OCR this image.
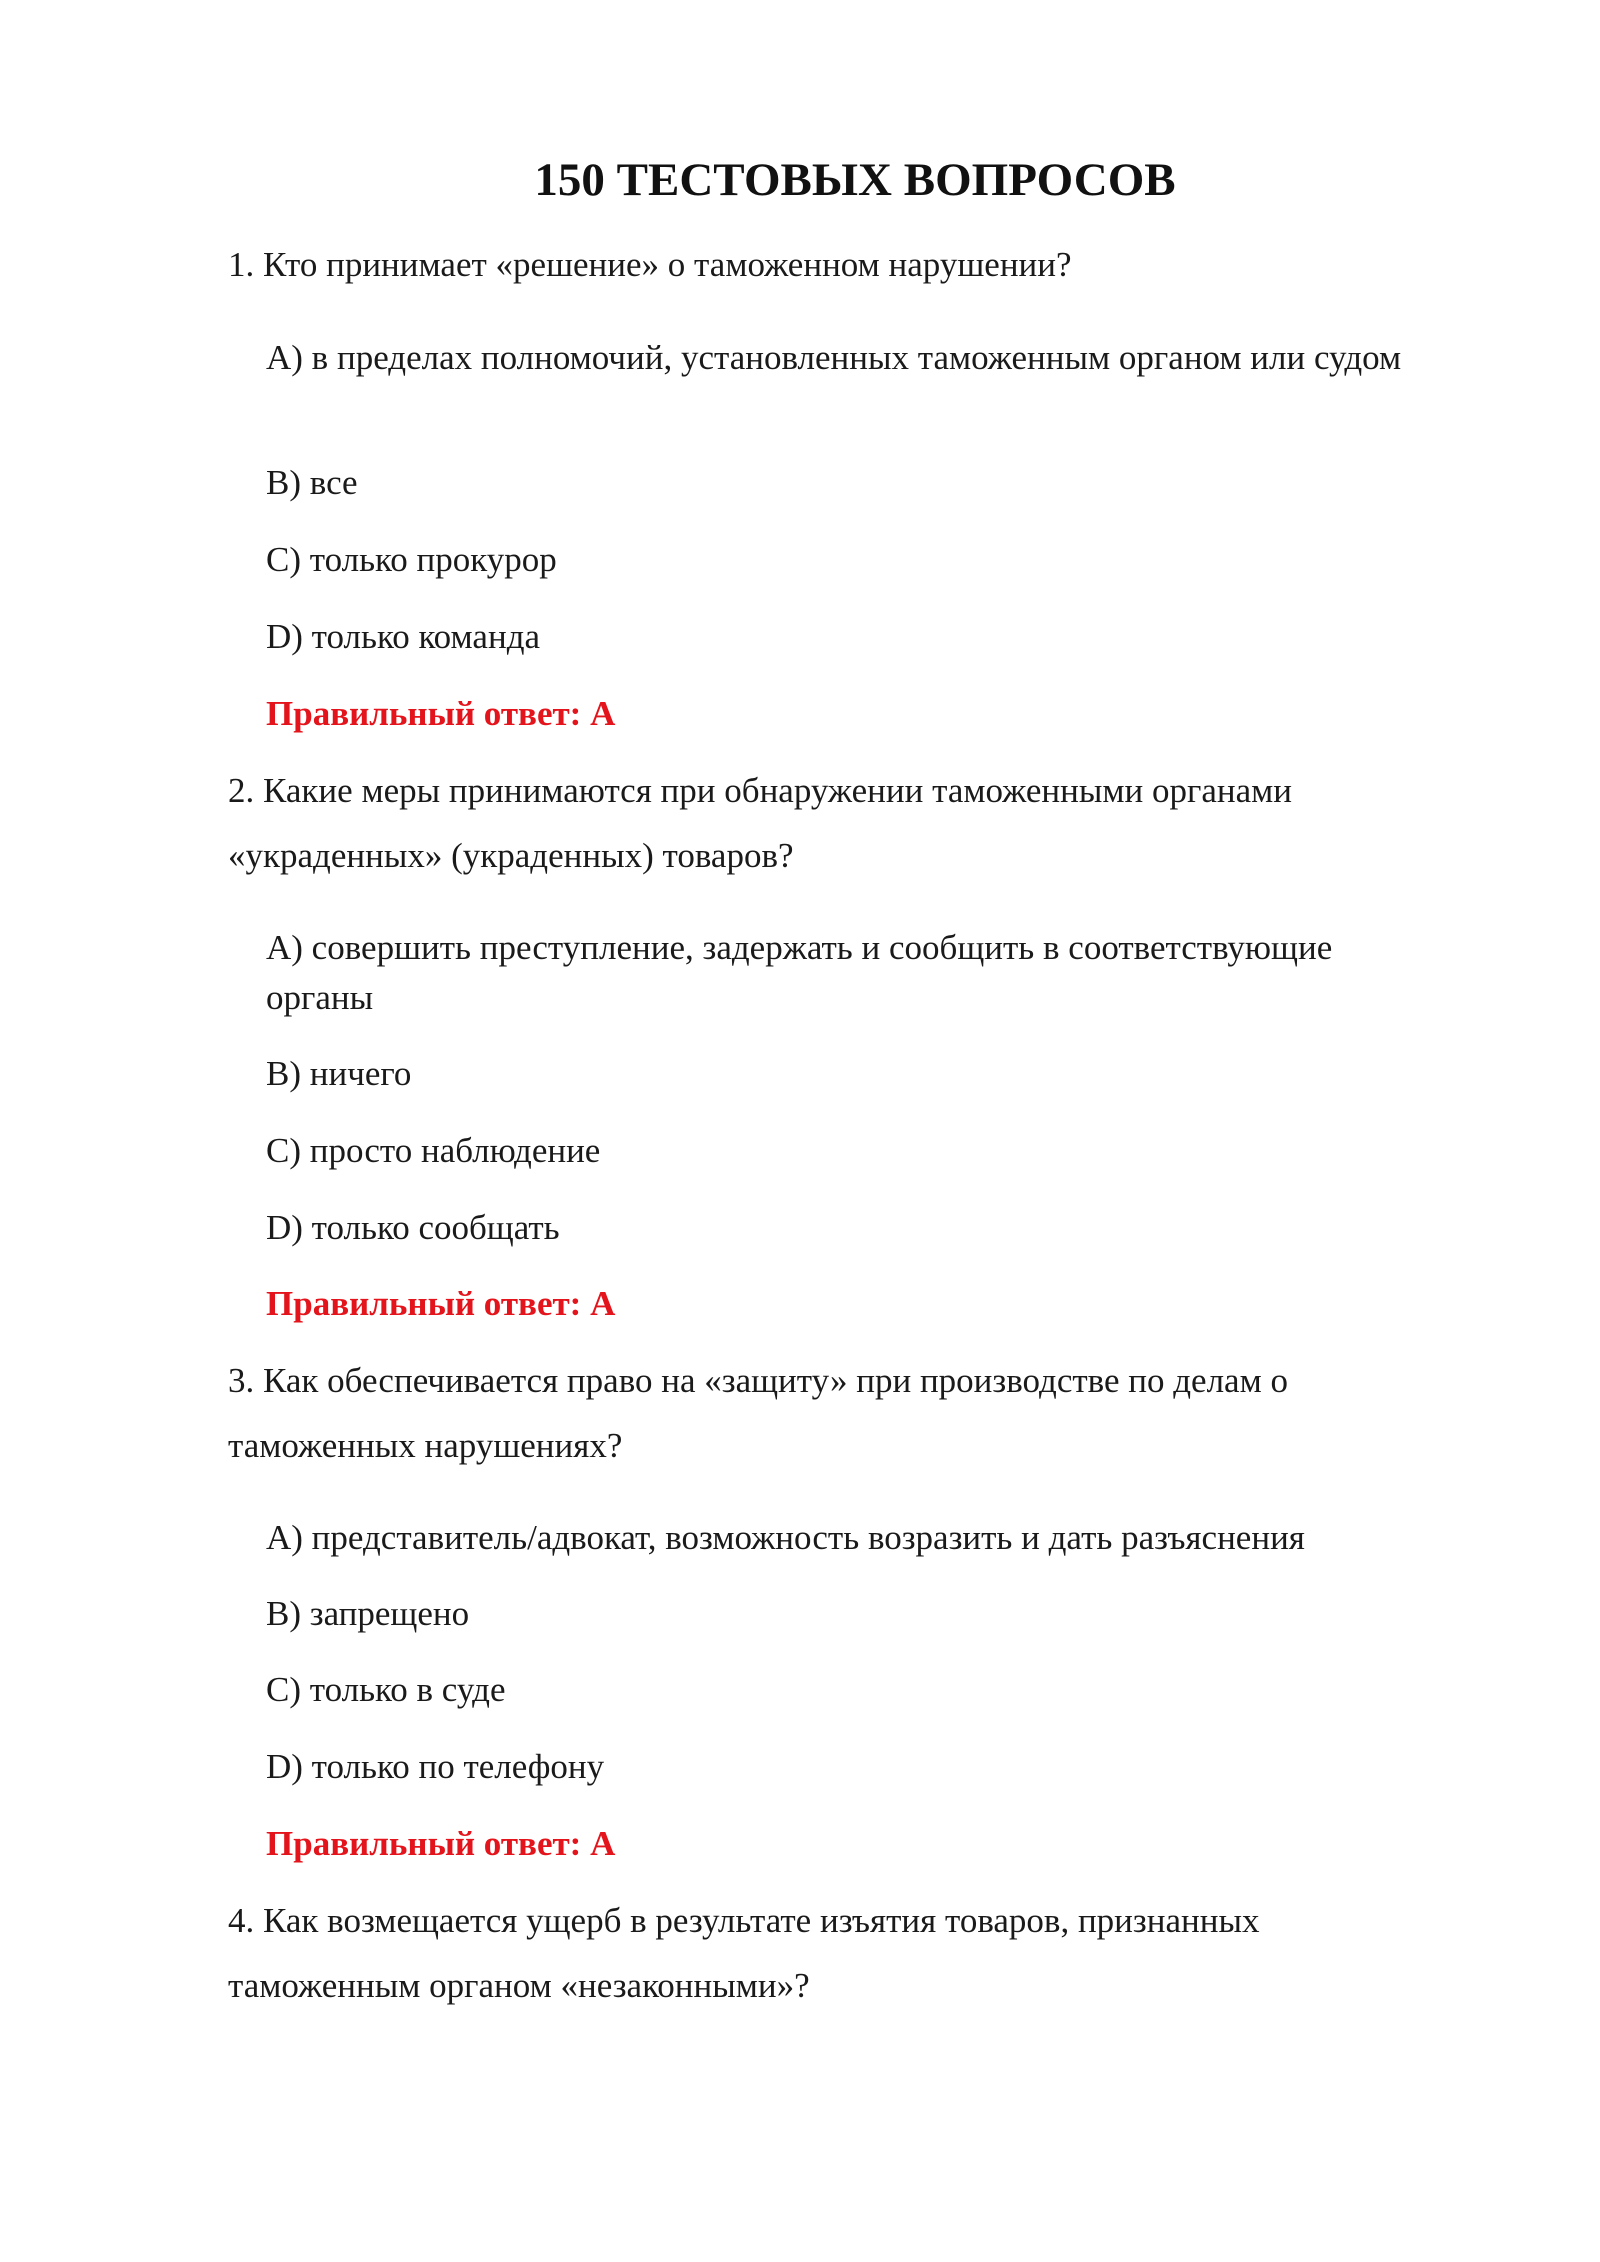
150 ТЕСТОВЫХ ВОПРОСОВ
1. Кто принимает «решение» о таможенном нарушении?
A) в пределах полномочий, установленных таможенным органом или судом
B) все
C) только прокурор
D) только команда
Правильный ответ: A
2. Какие меры принимаются при обнаружении таможенными органами «украденных» (украденных) товаров?
A) совершить преступление, задержать и сообщить в соответствующие органы
B) ничего
C) просто наблюдение
D) только сообщать
Правильный ответ: A
3. Как обеспечивается право на «защиту» при производстве по делам о таможенных нарушениях?
A) представитель/адвокат, возможность возразить и дать разъяснения
B) запрещено
C) только в суде
D) только по телефону
Правильный ответ: A
4. Как возмещается ущерб в результате изъятия товаров, признанных таможенным органом «незаконными»?
